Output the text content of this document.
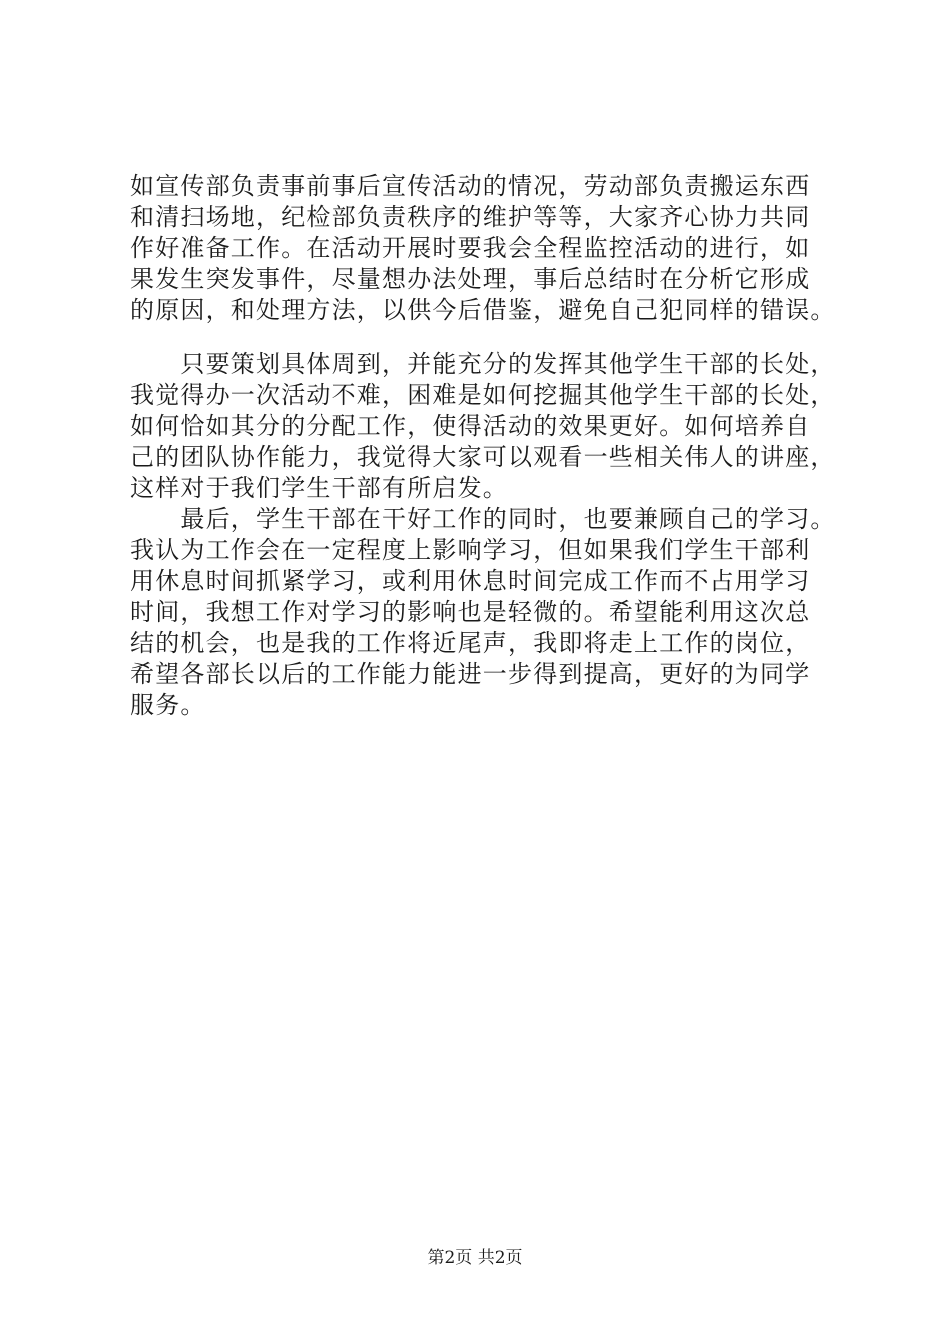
如宣传部负责事前事后宣传活动的情况，劳动部负责搬运东西
和清扫场地，纪检部负责秩序的维护等等，大家齐心协力共同
作好准备工作。在活动开展时要我会全程监控活动的进行，如
果发生突发事件，尽量想办法处理，事后总结时在分析它形成
的原因，和处理方法，以供今后借鉴，避免自己犯同样的错误。
　　只要策划具体周到，并能充分的发挥其他学生干部的长处，
我觉得办一次活动不难，困难是如何挖掘其他学生干部的长处，
如何恰如其分的分配工作，使得活动的效果更好。如何培养自
己的团队协作能力，我觉得大家可以观看一些相关伟人的讲座，
这样对于我们学生干部有所启发。
　　最后，学生干部在干好工作的同时，也要兼顾自己的学习。
我认为工作会在一定程度上影响学习，但如果我们学生干部利
用休息时间抓紧学习，或利用休息时间完成工作而不占用学习
时间，我想工作对学习的影响也是轻微的。希望能利用这次总
结的机会，也是我的工作将近尾声，我即将走上工作的岗位，
希望各部长以后的工作能力能进一步得到提高，更好的为同学
服务。
第2页 共2页
